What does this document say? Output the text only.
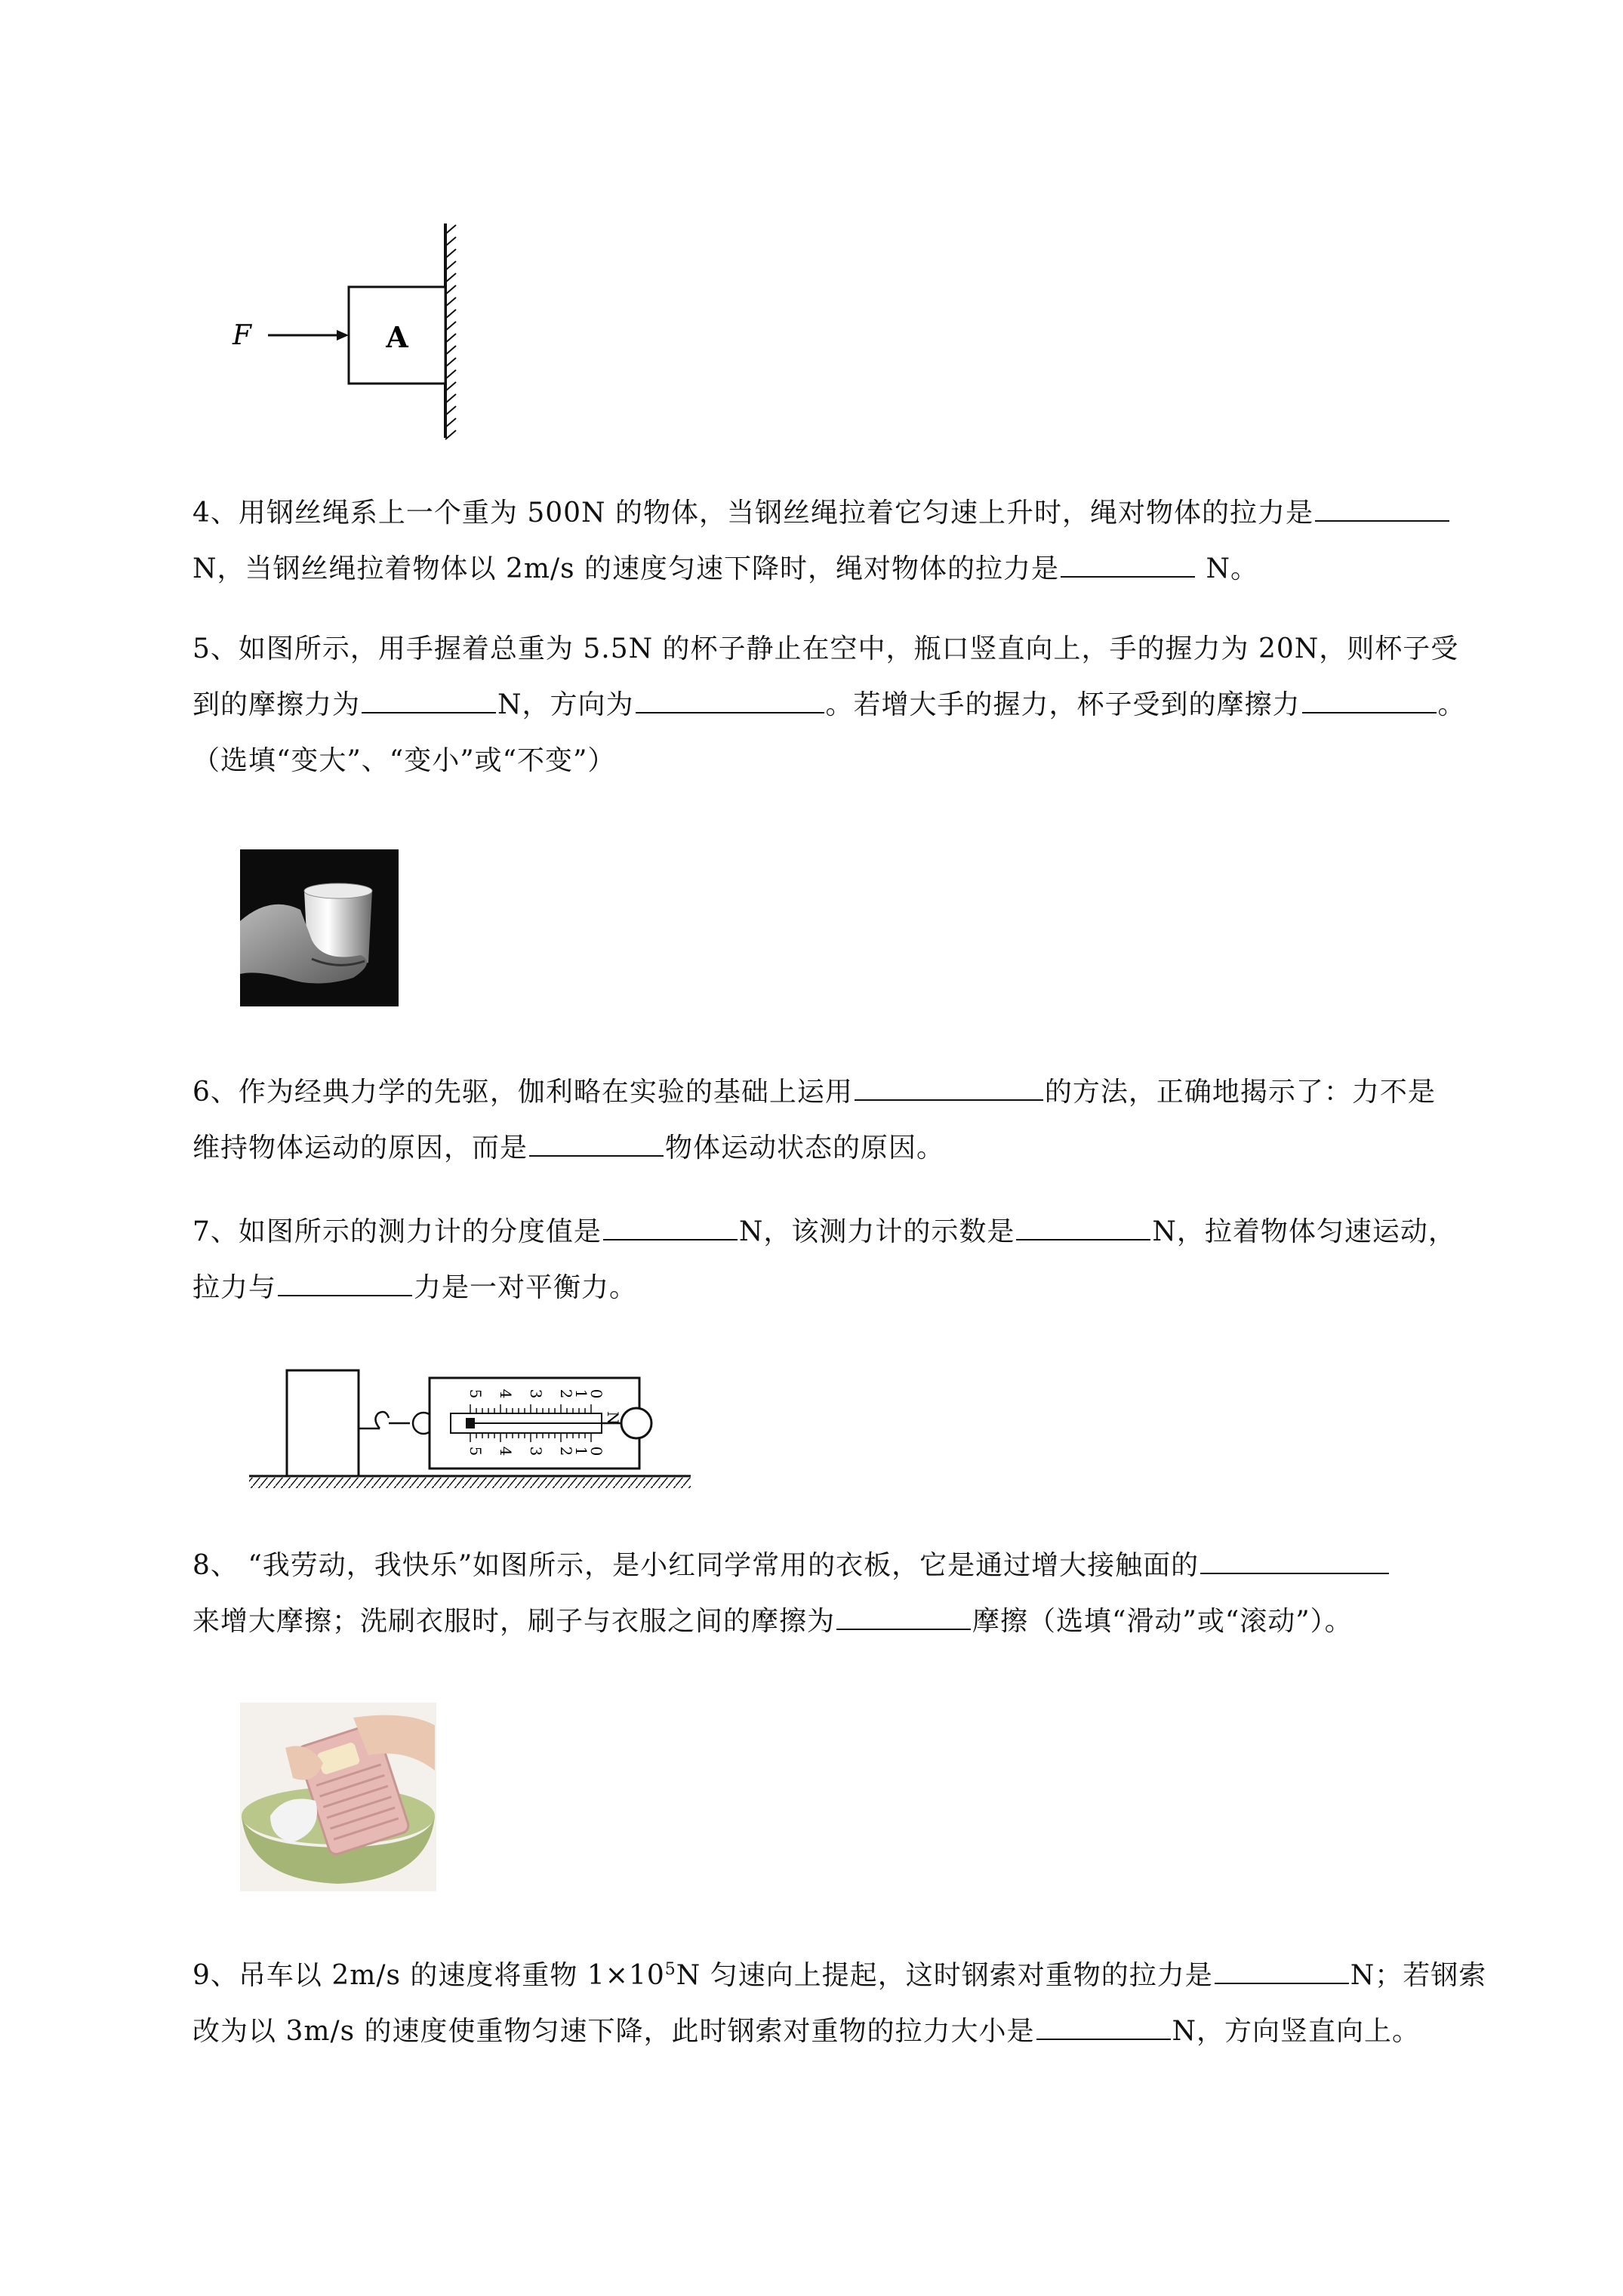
A
F
4、用钢丝绳系上一个重为 500N 的物体，当钢丝绳拉着它匀速上升时，绳对物体的拉力是
N，当钢丝绳拉着物体以 2m/s 的速度匀速下降时，绳对物体的拉力是	N。
5、如图所示，用手握着总重为 5.5N 的杯子静止在空中，瓶口竖直向上，手的握力为 20N，则杯子受
到的摩擦力为	N，方向为	。若增大手的握力，杯子受到的摩擦力	。
（选填“变大”、“变小”或“不变”）
6、作为经典力学的先驱，伽利略在实验的基础上运用	的方法，正确地揭示了：力不是
维持物体运动的原因，而是	物体运动状态的原因。
7、如图所示的测力计的分度值是	N，该测力计的示数是	N，拉着物体匀速运动，
拉力与	力是一对平衡力。
5 4 3 2
1
0
5 4 3 2
1
0
N
8、 “我劳动，我快乐”如图所示，是小红同学常用的衣板，它是通过增大接触面的
来增大摩擦；洗刷衣服时，刷子与衣服之间的摩擦为	摩擦（选填“滑动”或“滚动”）。
9、吊车以 2m/s 的速度将重物 $1\times 10^5N$ 匀速向上提起，这时钢索对重物的拉力是	N；若钢索
改为以 3m/s 的速度使重物匀速下降，此时钢索对重物的拉力大小是	N，方向竖直向上。
